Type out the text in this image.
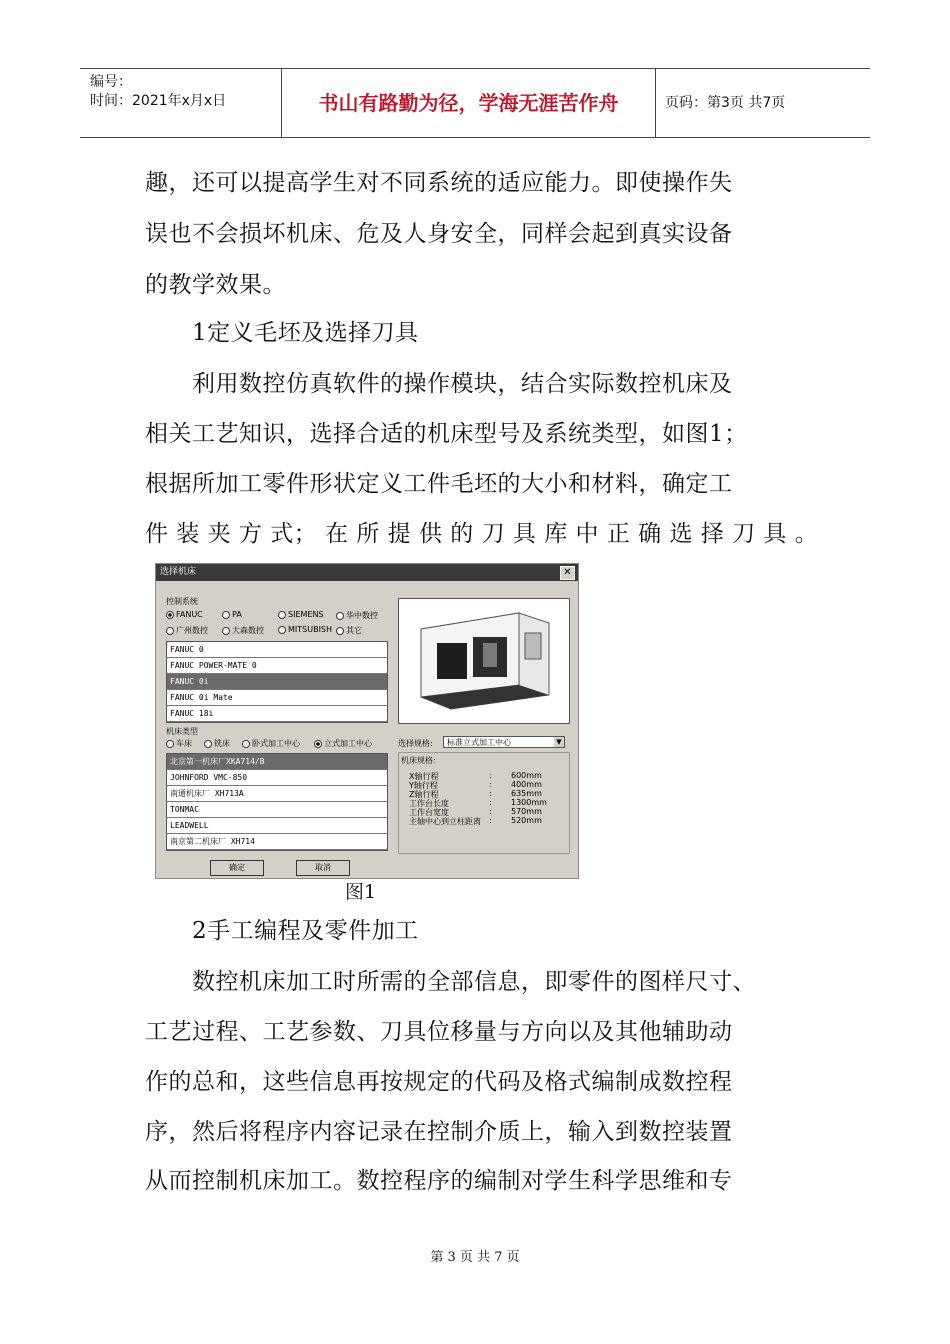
编号：
时间：2021年x月x日	书山有路勤为径，学海无涯苦作舟	页码：第3页 共7页
趣，还可以提高学生对不同系统的适应能力。即使操作失
误也不会损坏机床、危及人身安全，同样会起到真实设备
的教学效果。
1定义毛坯及选择刀具
利用数控仿真软件的操作模块，结合实际数控机床及
相关工艺知识，选择合适的机床型号及系统类型，如图1；
根据所加工零件形状定义工件毛坯的大小和材料，确定工
件 装 夹 方 式； 在 所 提 供 的 刀 具 库 中 正 确 选 择 刀 具 。
选择机床	✕
控制系统
FANUC	PA	SIEMENS	华中数控
广州数控	大森数控	MITSUBISH	其它
FANUC 0
FANUC POWER-MATE 0
FANUC 0i
FANUC 0i Mate
FANUC 18i
机床类型
车床	铣床	卧式加工中心	立式加工中心
北京第一机床厂XKA714/B
JOHNFORD VMC-850
南通机床厂 XH713A
TONMAC
LEADWELL
南京第二机床厂 XH714
选择规格:	标准立式加工中心	▼
机床规格:
X轴行程	: 600mm
Y轴行程	: 400mm
Z轴行程	: 635mm
工作台长度	: 1300mm
工作台宽度	: 570mm
主轴中心到立柱距离 : 520mm
确定	取消
图1
2手工编程及零件加工
数控机床加工时所需的全部信息，即零件的图样尺寸、
工艺过程、工艺参数、刀具位移量与方向以及其他辅助动
作的总和，这些信息再按规定的代码及格式编制成数控程
序，然后将程序内容记录在控制介质上，输入到数控装置
从而控制机床加工。数控程序的编制对学生科学思维和专
第 3 页 共 7 页
